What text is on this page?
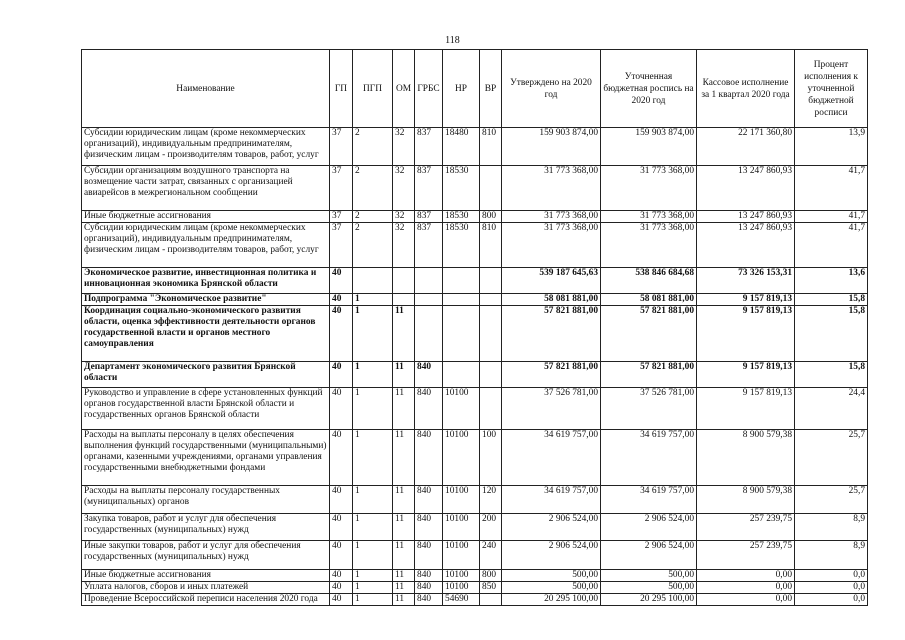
118
Наименование	ГП	ПГП	ОМ	ГРБС	НР	ВР	Утверждено на 2020 год	Уточненная бюджетная роспись на 2020 год	Кассовое исполнение за 1 квартал 2020 года	Процент исполнения к уточненной бюджетной росписи
Субсидии юридическим лицам (кроме некоммерческих организаций), индивидуальным предпринимателям, физическим лицам - производителям товаров, работ, услуг	37	2	32	837	18480	810	159 903 874,00	159 903 874,00	22 171 360,80	13,9
Субсидии организациям воздушного транспорта на возмещение части затрат, связанных с организацией авиарейсов в межрегиональном сообщении	37	2	32	837	18530		31 773 368,00	31 773 368,00	13 247 860,93	41,7
Иные бюджетные ассигнования	37	2	32	837	18530	800	31 773 368,00	31 773 368,00	13 247 860,93	41,7
Субсидии юридическим лицам (кроме некоммерческих организаций), индивидуальным предпринимателям, физическим лицам - производителям товаров, работ, услуг	37	2	32	837	18530	810	31 773 368,00	31 773 368,00	13 247 860,93	41,7
Экономическое развитие, инвестиционная политика и инновационная экономика Брянской области	40						539 187 645,63	538 846 684,68	73 326 153,31	13,6
Подпрограмма "Экономическое развитие"	40	1					58 081 881,00	58 081 881,00	9 157 819,13	15,8
Координация социально-экономического развития области, оценка эффективности деятельности органов государственной власти и органов местного самоуправления	40	1	11				57 821 881,00	57 821 881,00	9 157 819,13	15,8
Департамент экономического развития Брянской области	40	1	11	840			57 821 881,00	57 821 881,00	9 157 819,13	15,8
Руководство и управление в сфере установленных функций органов государственной власти Брянской области и государственных органов Брянской области	40	1	11	840	10100		37 526 781,00	37 526 781,00	9 157 819,13	24,4
Расходы на выплаты персоналу в целях обеспечения выполнения функций государственными (муниципальными) органами, казенными учреждениями, органами управления государственными внебюджетными фондами	40	1	11	840	10100	100	34 619 757,00	34 619 757,00	8 900 579,38	25,7
Расходы на выплаты персоналу государственных (муниципальных) органов	40	1	11	840	10100	120	34 619 757,00	34 619 757,00	8 900 579,38	25,7
Закупка товаров, работ и услуг для обеспечения государственных (муниципальных) нужд	40	1	11	840	10100	200	2 906 524,00	2 906 524,00	257 239,75	8,9
Иные закупки товаров, работ и услуг для обеспечения государственных (муниципальных) нужд	40	1	11	840	10100	240	2 906 524,00	2 906 524,00	257 239,75	8,9
Иные бюджетные ассигнования	40	1	11	840	10100	800	500,00	500,00	0,00	0,0
Уплата налогов, сборов и иных платежей	40	1	11	840	10100	850	500,00	500,00	0,00	0,0
Проведение Всероссийской переписи населения 2020 года	40	1	11	840	54690		20 295 100,00	20 295 100,00	0,00	0,0
